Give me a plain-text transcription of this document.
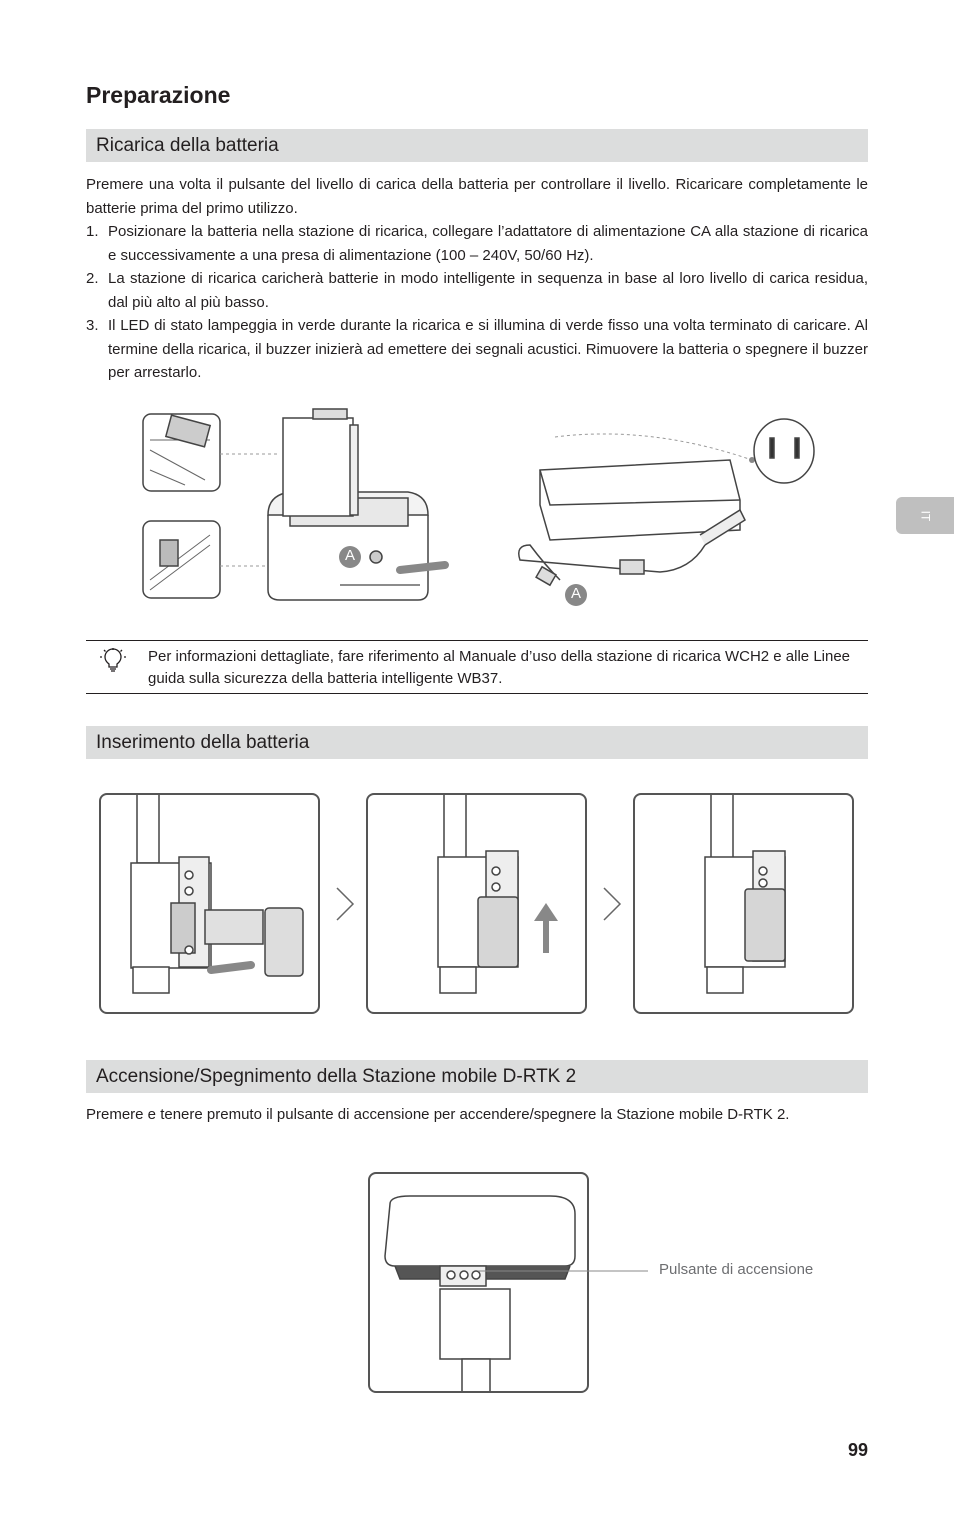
Preparazione
IT
Ricarica della batteria
Premere una volta il pulsante del livello di carica della batteria per controllare il livello. Ricaricare completamente le batterie prima del primo utilizzo.
1. Posizionare la batteria nella stazione di ricarica, collegare l’adattatore di alimentazione CA alla stazione di ricarica e successivamente a una presa di alimentazione (100 – 240V, 50/60 Hz).
2. La stazione di ricarica caricherà batterie in modo intelligente in sequenza in base al loro livello di carica residua, dal più alto al più basso.
3. Il LED di stato lampeggia in verde durante la ricarica e si illumina di verde fisso una volta terminato di caricare. Al termine della ricarica, il buzzer inizierà ad emettere dei segnali acustici. Rimuovere la batteria o spegnere il buzzer per arrestarlo.
A
A
Per informazioni dettagliate, fare riferimento al Manuale d’uso della stazione di ricarica WCH2 e alle Linee guida sulla sicurezza della batteria intelligente WB37.
Inserimento della batteria
Accensione/Spegnimento della Stazione mobile D-RTK 2
Premere e tenere premuto il pulsante di accensione per accendere/spegnere la Stazione mobile D-RTK 2.
Pulsante di accensione
99
